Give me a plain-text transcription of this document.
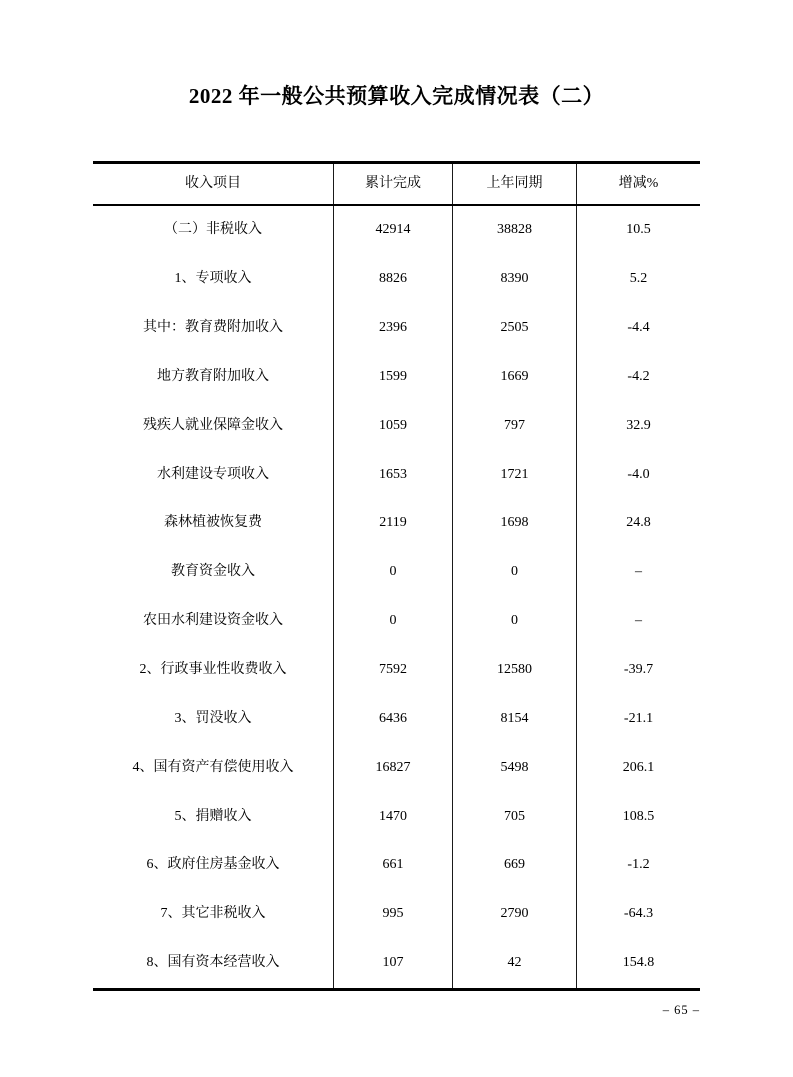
2022 年一般公共预算收入完成情况表（二）
收入项目	累计完成	上年同期	增减%
（二）非税收入	42914	38828	10.5
1、专项收入	8826	8390	5.2
其中：教育费附加收入	2396	2505	-4.4
地方教育附加收入	1599	1669	-4.2
残疾人就业保障金收入	1059	797	32.9
水利建设专项收入	1653	1721	-4.0
森林植被恢复费	2119	1698	24.8
教育资金收入	0	0	–
农田水利建设资金收入	0	0	–
2、行政事业性收费收入	7592	12580	-39.7
3、罚没收入	6436	8154	-21.1
4、国有资产有偿使用收入	16827	5498	206.1
5、捐赠收入	1470	705	108.5
6、政府住房基金收入	661	669	-1.2
7、其它非税收入	995	2790	-64.3
8、国有资本经营收入	107	42	154.8
– 65 –
